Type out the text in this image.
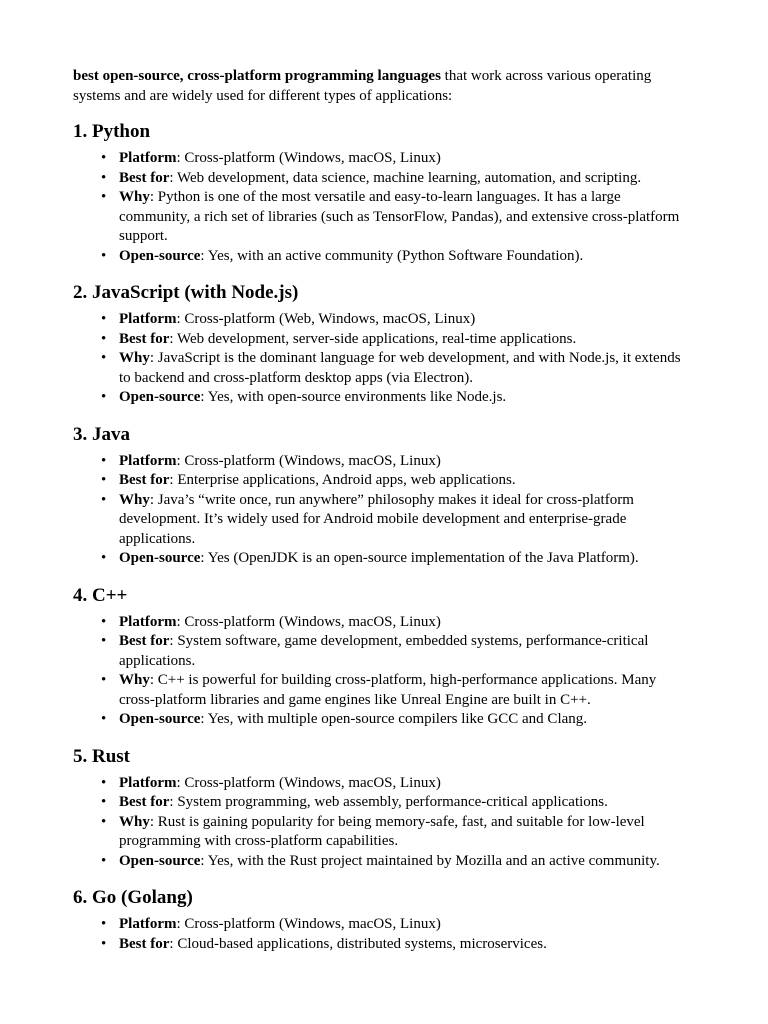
best open-source, cross-platform programming languages that work across various operating systems and are widely used for different types of applications:

1. Python
• Platform: Cross-platform (Windows, macOS, Linux)
• Best for: Web development, data science, machine learning, automation, and scripting.
• Why: Python is one of the most versatile and easy-to-learn languages. It has a large community, a rich set of libraries (such as TensorFlow, Pandas), and extensive cross-platform support.
• Open-source: Yes, with an active community (Python Software Foundation).
2. JavaScript (with Node.js)
• Platform: Cross-platform (Web, Windows, macOS, Linux)
• Best for: Web development, server-side applications, real-time applications.
• Why: JavaScript is the dominant language for web development, and with Node.js, it extends to backend and cross-platform desktop apps (via Electron).
• Open-source: Yes, with open-source environments like Node.js.
3. Java
• Platform: Cross-platform (Windows, macOS, Linux)
• Best for: Enterprise applications, Android apps, web applications.
• Why: Java’s “write once, run anywhere” philosophy makes it ideal for cross-platform development. It’s widely used for Android mobile development and enterprise-grade applications.
• Open-source: Yes (OpenJDK is an open-source implementation of the Java Platform).
4. C++
• Platform: Cross-platform (Windows, macOS, Linux)
• Best for: System software, game development, embedded systems, performance-critical applications.
• Why: C++ is powerful for building cross-platform, high-performance applications. Many cross-platform libraries and game engines like Unreal Engine are built in C++.
• Open-source: Yes, with multiple open-source compilers like GCC and Clang.
5. Rust
• Platform: Cross-platform (Windows, macOS, Linux)
• Best for: System programming, web assembly, performance-critical applications.
• Why: Rust is gaining popularity for being memory-safe, fast, and suitable for low-level programming with cross-platform capabilities.
• Open-source: Yes, with the Rust project maintained by Mozilla and an active community.
6. Go (Golang)
• Platform: Cross-platform (Windows, macOS, Linux)
• Best for: Cloud-based applications, distributed systems, microservices.
